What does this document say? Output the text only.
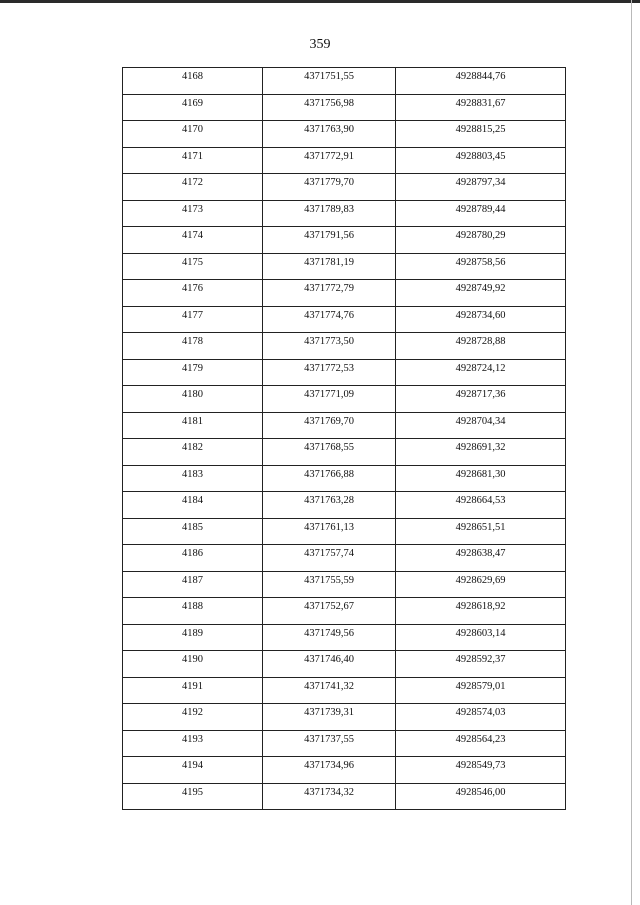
359
4168	4371751,55	4928844,76
4169	4371756,98	4928831,67
4170	4371763,90	4928815,25
4171	4371772,91	4928803,45
4172	4371779,70	4928797,34
4173	4371789,83	4928789,44
4174	4371791,56	4928780,29
4175	4371781,19	4928758,56
4176	4371772,79	4928749,92
4177	4371774,76	4928734,60
4178	4371773,50	4928728,88
4179	4371772,53	4928724,12
4180	4371771,09	4928717,36
4181	4371769,70	4928704,34
4182	4371768,55	4928691,32
4183	4371766,88	4928681,30
4184	4371763,28	4928664,53
4185	4371761,13	4928651,51
4186	4371757,74	4928638,47
4187	4371755,59	4928629,69
4188	4371752,67	4928618,92
4189	4371749,56	4928603,14
4190	4371746,40	4928592,37
4191	4371741,32	4928579,01
4192	4371739,31	4928574,03
4193	4371737,55	4928564,23
4194	4371734,96	4928549,73
4195	4371734,32	4928546,00
